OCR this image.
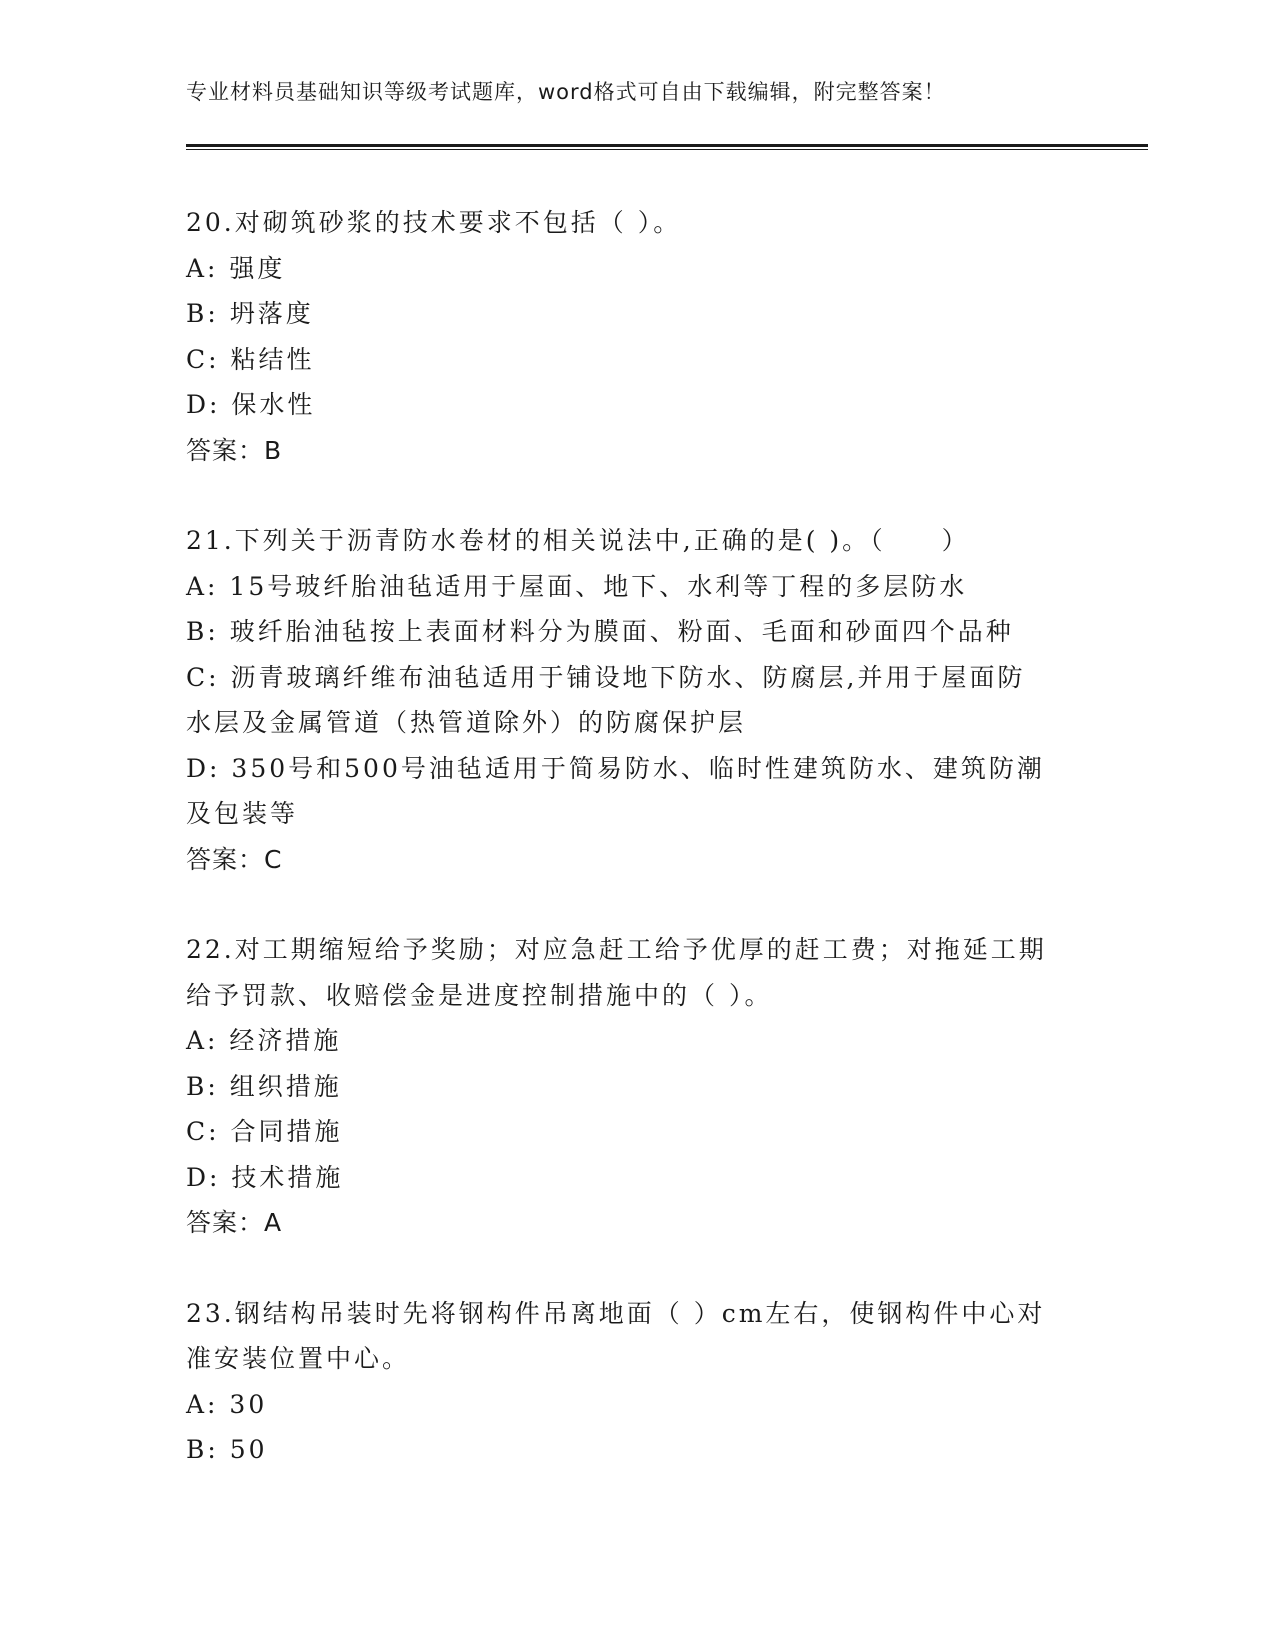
专业材料员基础知识等级考试题库，word格式可自由下载编辑，附完整答案！
20.对砌筑砂浆的技术要求不包括（ ）。
A: 强度
B: 坍落度
C: 粘结性
D: 保水性
答案：B
21.下列关于沥青防水卷材的相关说法中,正确的是( )。（　　）
A: 15号玻纤胎油毡适用于屋面、地下、水利等丁程的多层防水
B: 玻纤胎油毡按上表面材料分为膜面、粉面、毛面和砂面四个品种
C: 沥青玻璃纤维布油毡适用于铺设地下防水、防腐层,并用于屋面防
水层及金属管道（热管道除外）的防腐保护层
D: 350号和500号油毡适用于简易防水、临时性建筑防水、建筑防潮
及包装等
答案：C
22.对工期缩短给予奖励；对应急赶工给予优厚的赶工费；对拖延工期
给予罚款、收赔偿金是进度控制措施中的（ ）。
A: 经济措施
B: 组织措施
C: 合同措施
D: 技术措施
答案：A
23.钢结构吊装时先将钢构件吊离地面（ ）cm左右，使钢构件中心对
准安装位置中心。
A: 30
B: 50
